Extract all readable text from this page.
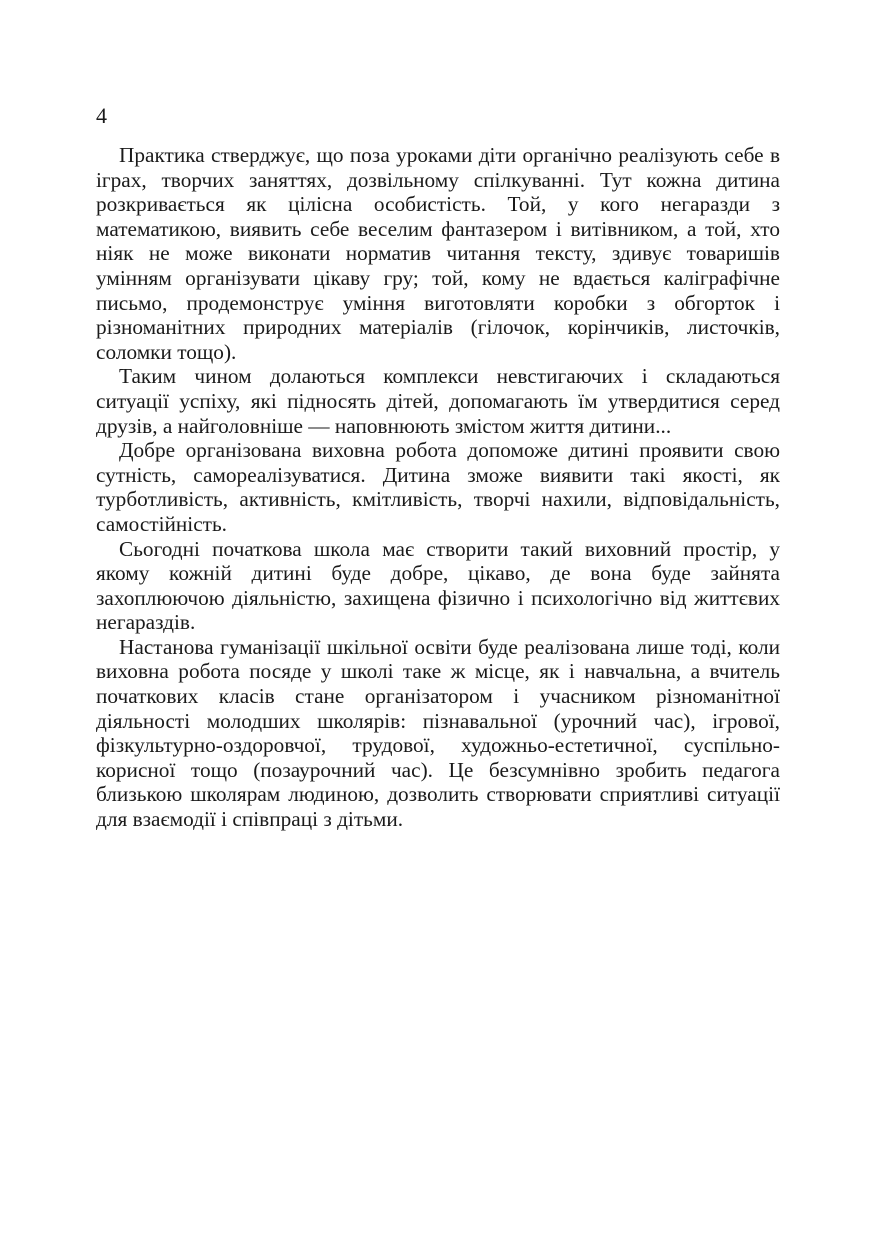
4

Практика стверджує, що поза уроками діти органічно реалізують себе в іграх, творчих заняттях, дозвільному спілкуванні. Тут кожна дитина розкривається як цілісна особистість. Той, у кого негаразди з математикою, виявить себе веселим фантазером і витівником, а той, хто ніяк не може виконати норматив читання тексту, здивує товаришів умінням організувати цікаву гру; той, кому не вдається каліграфічне письмо, продемонструє уміння виготовляти коробки з обгорток і різноманітних природних матеріалів (гілочок, корінчиків, листочків, соломки тощо).

Таким чином долаються комплекси невстигаючих і складаються ситуації успіху, які підносять дітей, допомагають їм утвердитися серед друзів, а найголовніше — наповнюють змістом життя дитини...

Добре організована виховна робота допоможе дитині проявити свою сутність, самореалізуватися. Дитина зможе виявити такі якості, як турботливість, активність, кмітливість, творчі нахили, відповідальність, самостійність.

Сьогодні початкова школа має створити такий виховний простір, у якому кожній дитині буде добре, цікаво, де вона буде зайнята захоплюючою діяльністю, захищена фізично і психологічно від життєвих негараздів.

Настанова гуманізації шкільної освіти буде реалізована лише тоді, коли виховна робота посяде у школі таке ж місце, як і навчальна, а вчитель початкових класів стане організатором і учасником різноманітної діяльності молодших школярів: пізнавальної (урочний час), ігрової, фізкультурно-оздоровчої, трудової, художньо-естетичної, суспільно-корисної тощо (позаурочний час). Це безсумнівно зробить педагога близькою школярам людиною, дозволить створювати сприятливі ситуації для взаємодії і співпраці з дітьми.
